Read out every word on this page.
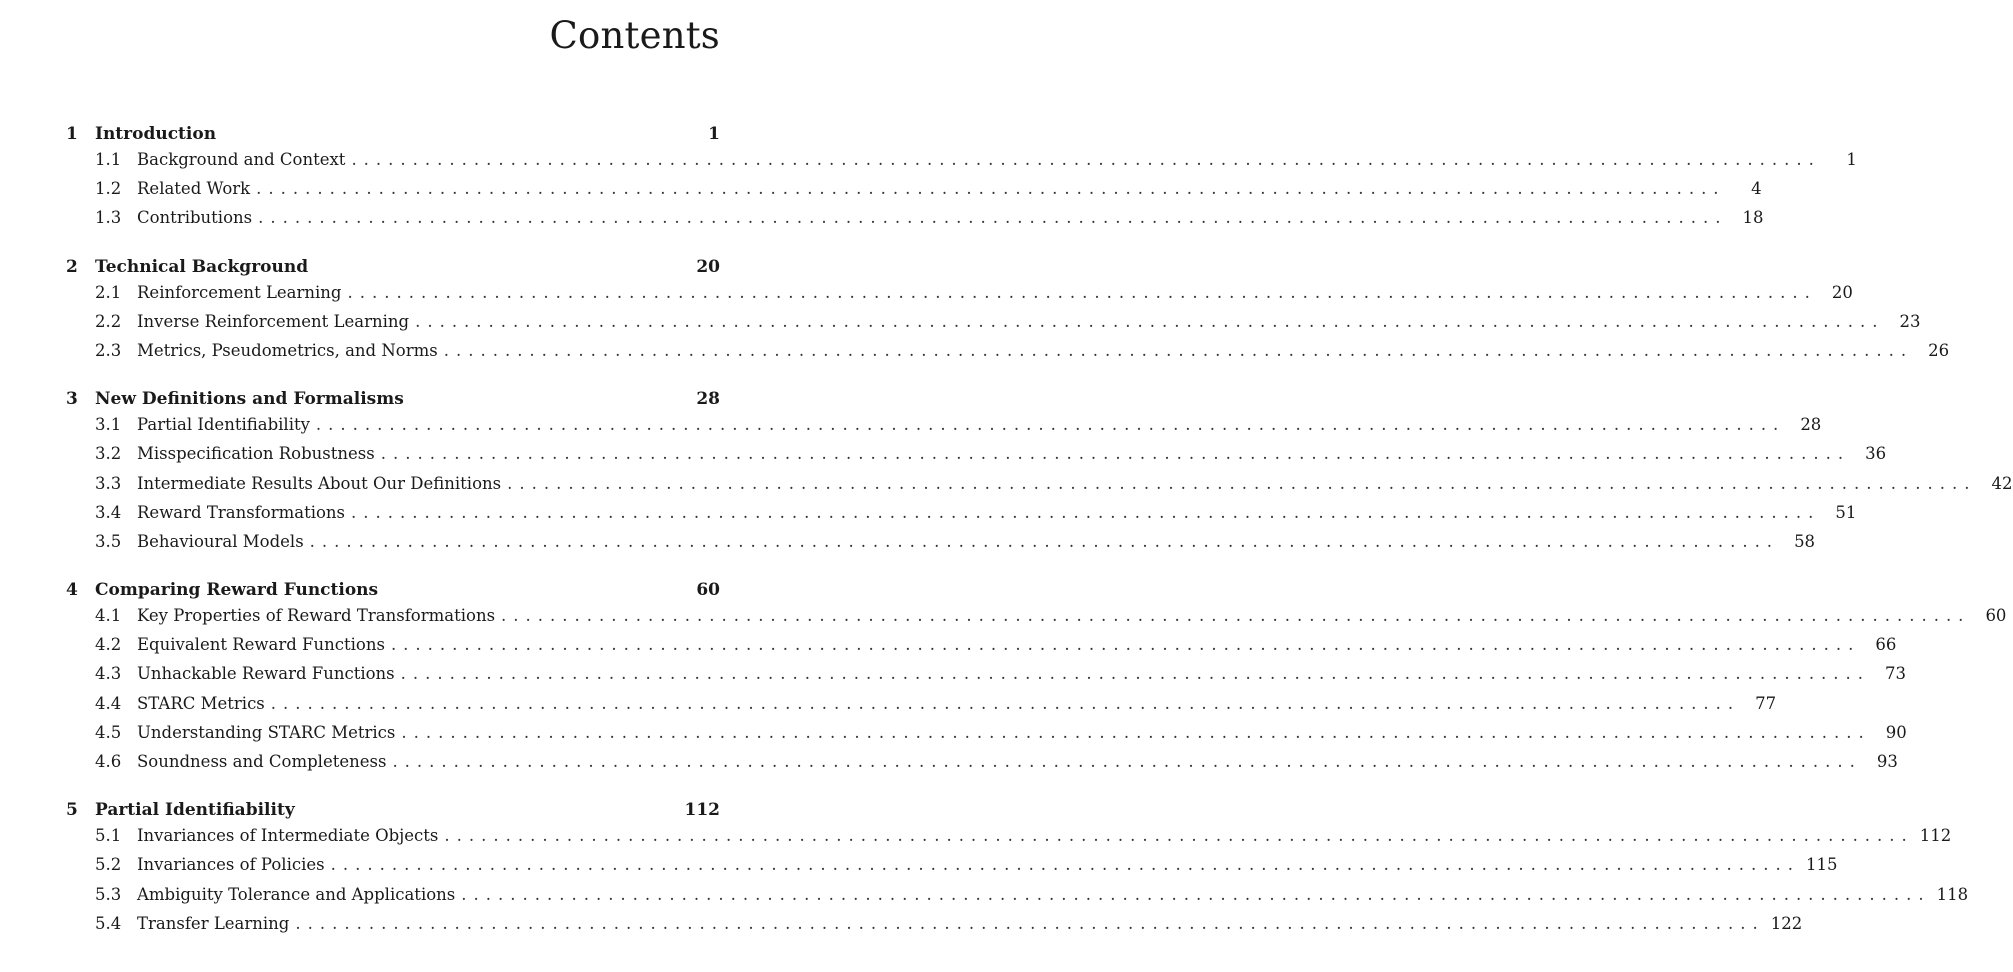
Contents
1	Introduction	1
1.1 Background and Context ........................................................................................................................	1
1.2 Related Work ........................................................................................................................	4
1.3 Contributions ........................................................................................................................ 18
2	Technical Background	20
2.1 Reinforcement Learning ........................................................................................................................ 20
2.2 Inverse Reinforcement Learning ........................................................................................................................ 23
2.3 Metrics, Pseudometrics, and Norms ........................................................................................................................ 26
3	New Definitions and Formalisms	28
3.1 Partial Identifiability ........................................................................................................................ 28
3.2 Misspecification Robustness ........................................................................................................................ 36
3.3 Intermediate Results About Our Definitions ........................................................................................................................ 42
3.4 Reward Transformations ........................................................................................................................ 51
3.5 Behavioural Models ........................................................................................................................ 58
4	Comparing Reward Functions	60
4.1 Key Properties of Reward Transformations ........................................................................................................................ 60
4.2 Equivalent Reward Functions ........................................................................................................................ 66
4.3 Unhackable Reward Functions ........................................................................................................................ 73
4.4 STARC Metrics ........................................................................................................................ 77
4.5 Understanding STARC Metrics ........................................................................................................................ 90
4.6 Soundness and Completeness ........................................................................................................................ 93
5	Partial Identifiability	112
5.1 Invariances of Intermediate Objects ........................................................................................................................ 112
5.2 Invariances of Policies ........................................................................................................................ 115
5.3 Ambiguity Tolerance and Applications ........................................................................................................................ 118
5.4 Transfer Learning ........................................................................................................................ 122
